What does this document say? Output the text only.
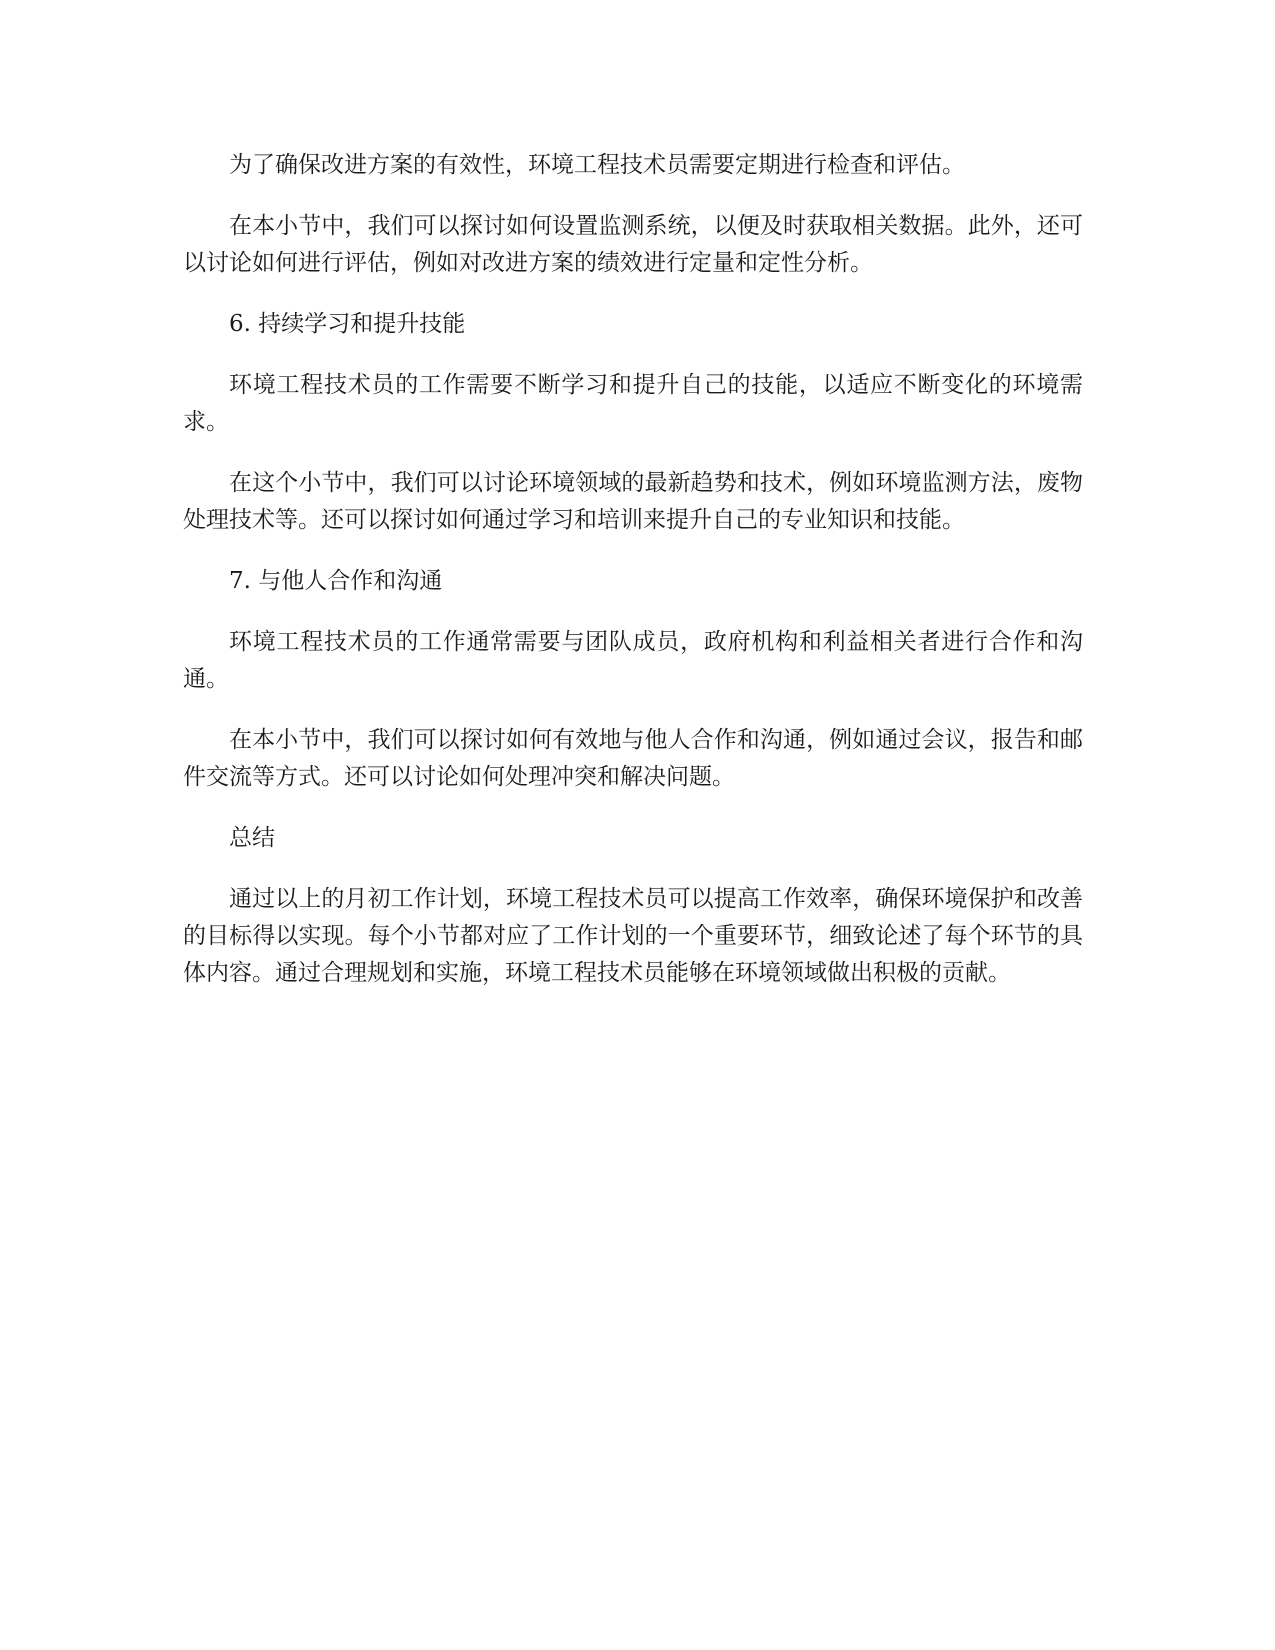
为了确保改进方案的有效性，环境工程技术员需要定期进行检查和评估。

在本小节中，我们可以探讨如何设置监测系统，以便及时获取相关数据。此外，还可以讨论如何进行评估，例如对改进方案的绩效进行定量和定性分析。

6. 持续学习和提升技能

环境工程技术员的工作需要不断学习和提升自己的技能，以适应不断变化的环境需求。

在这个小节中，我们可以讨论环境领域的最新趋势和技术，例如环境监测方法，废物处理技术等。还可以探讨如何通过学习和培训来提升自己的专业知识和技能。

7. 与他人合作和沟通

环境工程技术员的工作通常需要与团队成员，政府机构和利益相关者进行合作和沟通。

在本小节中，我们可以探讨如何有效地与他人合作和沟通，例如通过会议，报告和邮件交流等方式。还可以讨论如何处理冲突和解决问题。

总结

通过以上的月初工作计划，环境工程技术员可以提高工作效率，确保环境保护和改善的目标得以实现。每个小节都对应了工作计划的一个重要环节，细致论述了每个环节的具体内容。通过合理规划和实施，环境工程技术员能够在环境领域做出积极的贡献。
